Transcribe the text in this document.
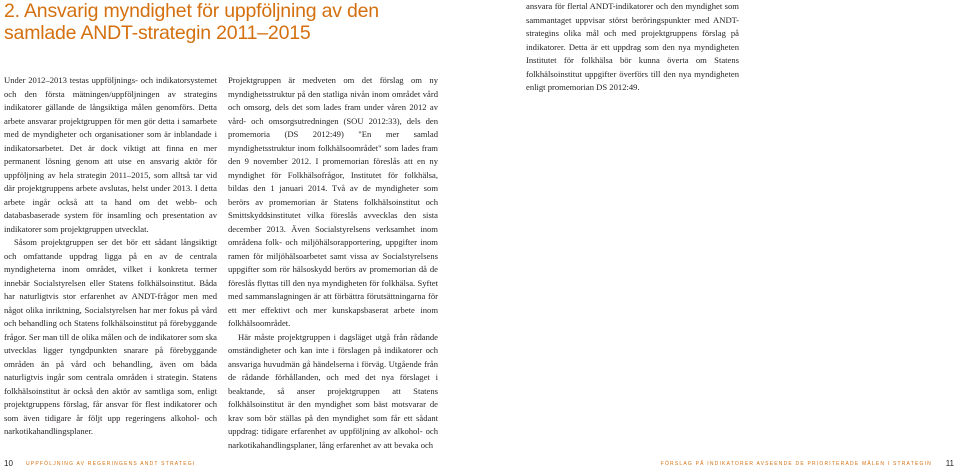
2. Ansvarig myndighet för uppföljning av den samlade ANDT-strategin 2011–2015

Under 2012–2013 testas uppföljnings- och indikatorsystemet och den första mätningen/uppföljningen av strategins indikatorer gällande de långsiktiga målen genomförs. Detta arbete ansvarar projektgruppen för men gör detta i samarbete med de myndigheter och organisationer som är inblandade i indikatorsarbetet. Det är dock viktigt att finna en mer permanent lösning genom att utse en ansvarig aktör för uppföljning av hela strategin 2011–2015, som alltså tar vid där projektgruppens arbete avslutas, helst under 2013. I detta arbete ingår också att ta hand om det webb- och databasbaserade system för insamling och presentation av indikatorer som projektgruppen utvecklat.

Såsom projektgruppen ser det bör ett sådant långsiktigt och omfattande uppdrag ligga på en av de centrala myndigheterna inom området, vilket i konkreta termer innebär Socialstyrelsen eller Statens folkhälsoinstitut. Båda har naturligtvis stor erfarenhet av ANDT-frågor men med något olika inriktning, Socialstyrelsen har mer fokus på vård och behandling och Statens folkhälsoinstitut på förebyggande frågor. Ser man till de olika målen och de indikatorer som ska utvecklas ligger tyngdpunkten snarare på förebyggande områden än på vård och behandling, även om båda naturligtvis ingår som centrala områden i strategin. Statens folkhälsoinstitut är också den aktör av samtliga som, enligt projektgruppens förslag, får ansvar för flest indikatorer och som även tidigare år följt upp regeringens alkohol- och narkotikahandlingsplaner.

Projektgruppen är medveten om det förslag om ny myndighetsstruktur på den statliga nivån inom området vård och omsorg, dels det som lades fram under våren 2012 av vård- och omsorgsutredningen (SOU 2012:33), dels den promemoria (DS 2012:49) "En mer samlad myndighetsstruktur inom folkhälsoområdet" som lades fram den 9 november 2012. I promemorian föreslås att en ny myndighet för Folkhälsofrågor, Institutet för folkhälsa, bildas den 1 januari 2014. Två av de myndigheter som berörs av promemorian är Statens folkhälsoinstitut och Smittskyddsinstitutet vilka föreslås avvecklas den sista december 2013. Även Socialstyrelsens verksamhet inom områdena folk- och miljöhälsorapportering, uppgifter inom ramen för miljöhälsoarbetet samt vissa av Socialstyrelsens uppgifter som rör hälsoskydd berörs av promemorian då de föreslås flyttas till den nya myndigheten för folkhälsa. Syftet med sammanslagningen är att förbättra förutsättningarna för ett mer effektivt och mer kunskapsbaserat arbete inom folkhälsoområdet.

Här måste projektgruppen i dagsläget utgå från rådande omständigheter och kan inte i förslagen på indikatorer och ansvariga huvudmän gå händelserna i förväg. Utgående från de rådande förhållanden, och med det nya förslaget i beaktande, så anser projektgruppen att Statens folkhälsoinstitut är den myndighet som bäst motsvarar de krav som bör ställas på den myndighet som får ett sådant uppdrag: tidigare erfarenhet av uppföljning av alkohol- och narkotikahandlingsplaner, lång erfarenhet av att bevaka och

10	UPPFÖLJNING AV REGERINGENS ANDT STRATEGI	FÖRSLAG PÅ INDIKATORER AVSEENDE DE PRIORITERADE MÅLEN I STRATEGIN 11

ansvara för flertal ANDT-indikatorer och den myndighet som sammantaget uppvisar störst beröringspunkter med ANDT-strategins olika mål och med projektgruppens förslag på indikatorer. Detta är ett uppdrag som den nya myndigheten Institutet för folkhälsa bör kunna överta om Statens folkhälsoinstitut uppgifter överförs till den nya myndigheten enligt promemorian DS 2012:49.
